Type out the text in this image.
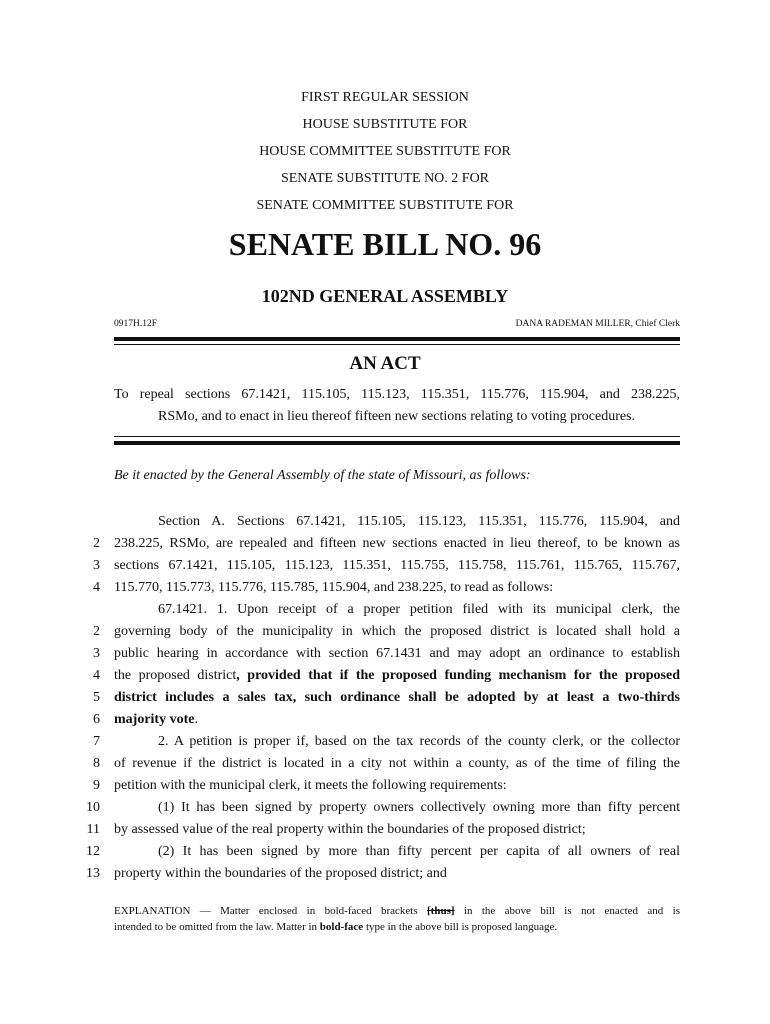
FIRST REGULAR SESSION
HOUSE SUBSTITUTE FOR
HOUSE COMMITTEE SUBSTITUTE FOR
SENATE SUBSTITUTE NO. 2 FOR
SENATE COMMITTEE SUBSTITUTE FOR
SENATE BILL NO. 96
102ND GENERAL ASSEMBLY
0917H.12F	DANA RADEMAN MILLER, Chief Clerk
AN ACT
To repeal sections 67.1421, 115.105, 115.123, 115.351, 115.776, 115.904, and 238.225,
RSMo, and to enact in lieu thereof fifteen new sections relating to voting procedures.
Be it enacted by the General Assembly of the state of Missouri, as follows:
Section A. Sections 67.1421, 115.105, 115.123, 115.351, 115.776, 115.904, and
2 238.225, RSMo, are repealed and fifteen new sections enacted in lieu thereof, to be known as
3 sections 67.1421, 115.105, 115.123, 115.351, 115.755, 115.758, 115.761, 115.765, 115.767,
4 115.770, 115.773, 115.776, 115.785, 115.904, and 238.225, to read as follows:
67.1421. 1. Upon receipt of a proper petition filed with its municipal clerk, the
2 governing body of the municipality in which the proposed district is located shall hold a
3 public hearing in accordance with section 67.1431 and may adopt an ordinance to establish
4 the proposed district, provided that if the proposed funding mechanism for the proposed
5 district includes a sales tax, such ordinance shall be adopted by at least a two-thirds
6 majority vote.
7	2. A petition is proper if, based on the tax records of the county clerk, or the collector
8 of revenue if the district is located in a city not within a county, as of the time of filing the
9 petition with the municipal clerk, it meets the following requirements:
10	(1) It has been signed by property owners collectively owning more than fifty percent
11 by assessed value of the real property within the boundaries of the proposed district;
12	(2) It has been signed by more than fifty percent per capita of all owners of real
13 property within the boundaries of the proposed district; and
EXPLANATION — Matter enclosed in bold-faced brackets [thus] in the above bill is not enacted and is
intended to be omitted from the law. Matter in bold-face type in the above bill is proposed language.
